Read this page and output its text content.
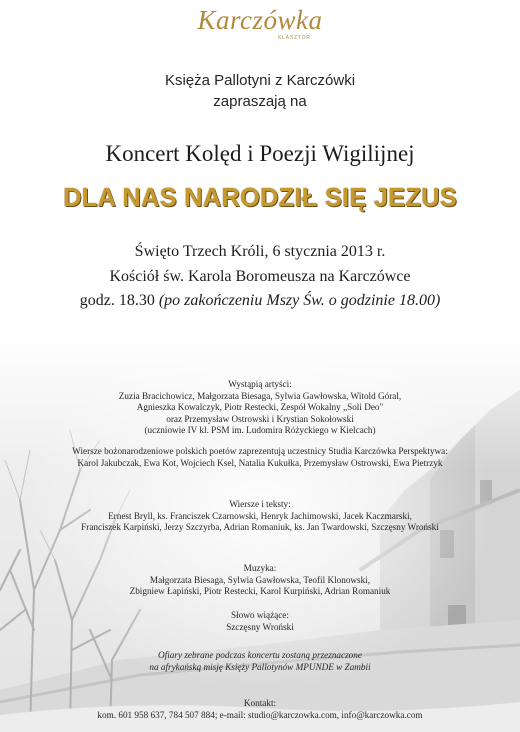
Karczówka
KLASZTOR
Księża Pallotyni z Karczówki
zapraszają na
Koncert Kolęd i Poezji Wigilijnej
DLA NAS NARODZIŁ SIĘ JEZUS
Święto Trzech Króli, 6 stycznia 2013 r.
Kościół św. Karola Boromeusza na Karczówce
godz. 18.30 (po zakończeniu Mszy Św. o godzinie 18.00)
Wystąpią artyści:
Zuzia Bracichowicz, Małgorzata Biesaga, Sylwia Gawłowska, Witold Góral,
Agnieszka Kowalczyk, Piotr Restecki, Zespół Wokalny „Soli Deo"
oraz Przemysław Ostrowski i Krystian Sokołowski
(uczniowie IV kl. PSM im. Ludomira Różyckiego w Kielcach)
Wiersze bożonarodzeniowe polskich poetów zaprezentują uczestnicy Studia Karczówka Perspektywa:
Karol Jakubczak, Ewa Kot, Wojciech Ksel, Natalia Kukułka, Przemysław Ostrowski, Ewa Pietrzyk
Wiersze i teksty:
Ernest Bryll, ks. Franciszek Czarnowski, Henryk Jachimowski, Jacek Kaczmarski,
Franciszek Karpiński, Jerzy Szczyrba, Adrian Romaniuk, ks. Jan Twardowski, Szczęsny Wroński
Muzyka:
Małgorzata Biesaga, Sylwia Gawłowska, Teofil Klonowski,
Zbigniew Łapiński, Piotr Restecki, Karol Kurpiński, Adrian Romaniuk
Słowo wiążące:
Szczęsny Wroński
Ofiary zebrane podczas koncertu zostaną przeznaczone
na afrykańską misję Księży Pallotynów MPUNDE w Zambii
Kontakt:
kom. 601 958 637, 784 507 884; e-mail: studio@karczowka.com, info@karczowka.com
